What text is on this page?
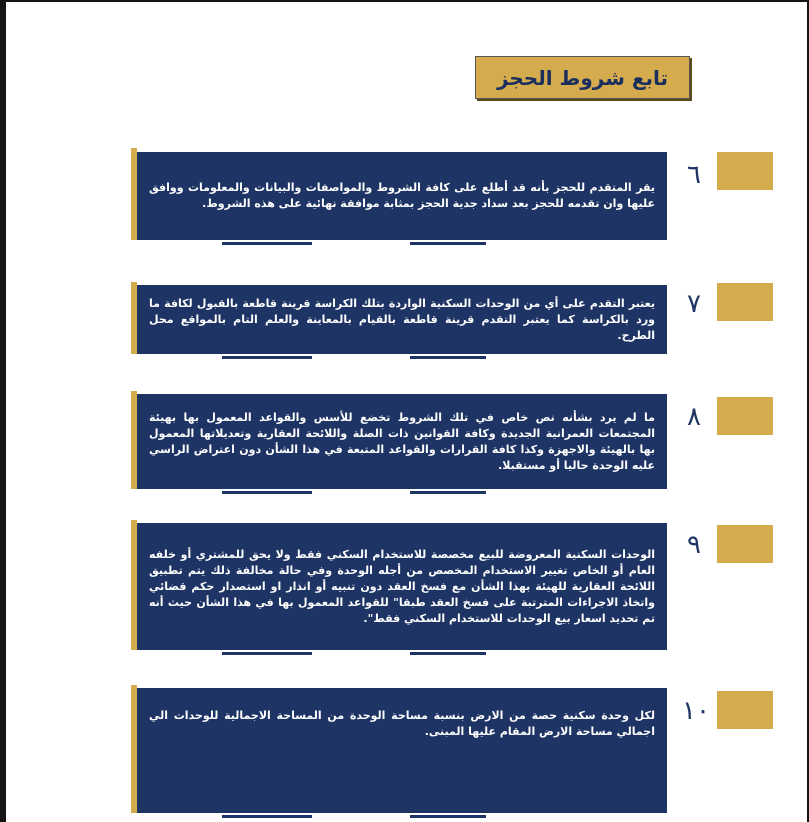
تابع شروط الحجز
يقر المتقدم للحجز بأنه قد أطلع على كافة الشروط والمواصفات والبيانات والمعلومات ووافق عليها وان تقدمه للحجز بعد سداد جدية الحجز بمثابة موافقة نهائية على هذه الشروط.
٦
يعتبر التقدم على أي من الوحدات السكنية الواردة بتلك الكراسة قرينة قاطعة بالقبول لكافة ما ورد بالكراسة كما يعتبر التقدم قرينة قاطعة بالقيام بالمعاينة والعلم التام بالمواقع محل الطرح.
٧
ما لم يرد بشأنه نص خاص في تلك الشروط تخضع للأسس والقواعد المعمول بها بهيئة المجتمعات العمرانية الجديدة وكافة القوانين ذات الصلة واللائحة العقارية وتعديلاتها المعمول بها بالهيئة والاجهزة وكذا كافة القرارات والقواعد المتبعة في هذا الشأن دون اعتراض الراسي عليه الوحدة حاليا أو مستقبلا.
٨
الوحدات السكنية المعروضة للبيع مخصصة للاستخدام السكني فقط ولا يحق للمشتري أو خلفه العام أو الخاص تغيير الاستخدام المخصص من أجله الوحدة وفي حالة مخالفة ذلك يتم تطبيق اللائحة العقارية للهيئة بهذا الشأن مع فسخ العقد دون تنبيه أو انذار او استصدار حكم قضائي واتخاذ الاجراءات المترتبة على فسخ العقد طبقا" للقواعد المعمول بها في هذا الشأن حيث أنه تم تحديد اسعار بيع الوحدات للاستخدام السكني فقط".
٩
لكل وحدة سكنية حصة من الارض بنسبة مساحة الوحدة من المساحة الاجمالية للوحدات الي اجمالي مساحة الارض المقام عليها المبنى.
١٠
